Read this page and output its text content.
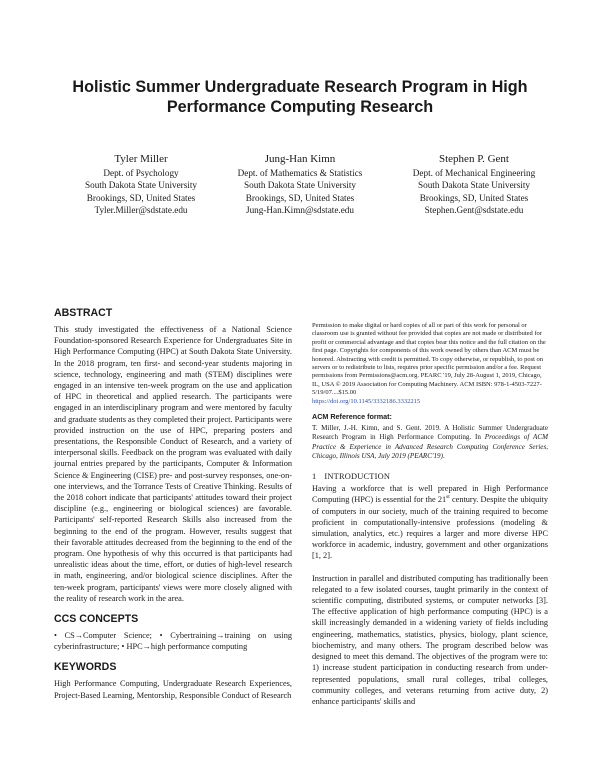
Holistic Summer Undergraduate Research Program in High
Performance Computing Research
Tyler Miller
Dept. of Psychology
South Dakota State University
Brookings, SD, United States
Tyler.Miller@sdstate.edu
Jung-Han Kimn
Dept. of Mathematics & Statistics
South Dakota State University
Brookings, SD, United States
Jung-Han.Kimn@sdstate.edu
Stephen P. Gent
Dept. of Mechanical Engineering
South Dakota State University
Brookings, SD, United States
Stephen.Gent@sdstate.edu
ABSTRACT

This study investigated the effectiveness of a National Science Foundation-sponsored Research Experience for Undergraduates Site in High Performance Computing (HPC) at South Dakota State University. In the 2018 program, ten first- and second-year students majoring in science, technology, engineering and math (STEM) disciplines were engaged in an intensive ten-week program on the use and application of HPC in theoretical and applied research. The participants were engaged in an interdisciplinary program and were mentored by faculty and graduate students as they completed their project. Participants were provided instruction on the use of HPC, preparing posters and presentations, the Responsible Conduct of Research, and a variety of interpersonal skills. Feedback on the program was evaluated with daily journal entries prepared by the participants, Computer & Information Science & Engineering (CISE) pre- and post-survey responses, one-on-one interviews, and the Torrance Tests of Creative Thinking. Results of the 2018 cohort indicate that participants' attitudes toward their project discipline (e.g., engineering or biological sciences) are favorable. Participants' self-reported Research Skills also increased from the beginning to the end of the program. However, results suggest that their favorable attitudes decreased from the beginning to the end of the program. One hypothesis of why this occurred is that participants had unrealistic ideas about the time, effort, or duties of high-level research in math, engineering, and/or biological science disciplines. After the ten-week program, participants' views were more closely aligned with the reality of research work in the area.

CCS CONCEPTS

• CS→Computer Science; • Cybertraining→training on using cyberinfrastructure; • HPC→high performance computing

KEYWORDS

High Performance Computing, Undergraduate Research Experiences, Project-Based Learning, Mentorship, Responsible Conduct of Research

Permission to make digital or hard copies of all or part of this work for personal or classroom use is granted without fee provided that copies are not made or distributed for profit or commercial advantage and that copies bear this notice and the full citation on the first page. Copyrights for components of this work owned by others than ACM must be honored. Abstracting with credit is permitted. To copy otherwise, or republish, to post on servers or to redistribute to lists, requires prior specific permission and/or a fee. Request permissions from Permissions@acm.org. PEARC '19, July 28-August 1, 2019, Chicago, IL, USA © 2019 Association for Computing Machinery. ACM ISBN: 978-1-4503-7227-5/19/07....$15.00
https://doi.org/10.1145/3332186.3332215

ACM Reference format:

T. Miller, J.-H. Kimn, and S. Gent. 2019. A Holistic Summer Undergraduate Research Program in High Performance Computing. In Proceedings of ACM Practice & Experience in Advanced Research Computing Conference Series, Chicago, Illinois USA, July 2019 (PEARC'19).

1 INTRODUCTION

Having a workforce that is well prepared in High Performance Computing (HPC) is essential for the 21st century. Despite the ubiquity of computers in our society, much of the training required to become proficient in computationally-intensive professions (modeling & simulation, analytics, etc.) requires a larger and more diverse HPC workforce in academic, industry, government and other organizations [1, 2].

Instruction in parallel and distributed computing has traditionally been relegated to a few isolated courses, taught primarily in the context of scientific computing, distributed systems, or computer networks [3]. The effective application of high performance computing (HPC) is a skill increasingly demanded in a widening variety of fields including engineering, mathematics, statistics, physics, biology, plant science, biochemistry, and many others. The program described below was designed to meet this demand. The objectives of the program were to: 1) increase student participation in conducting research from under-represented populations, small rural colleges, tribal colleges, community colleges, and veterans returning from active duty, 2) enhance participants' skills and
